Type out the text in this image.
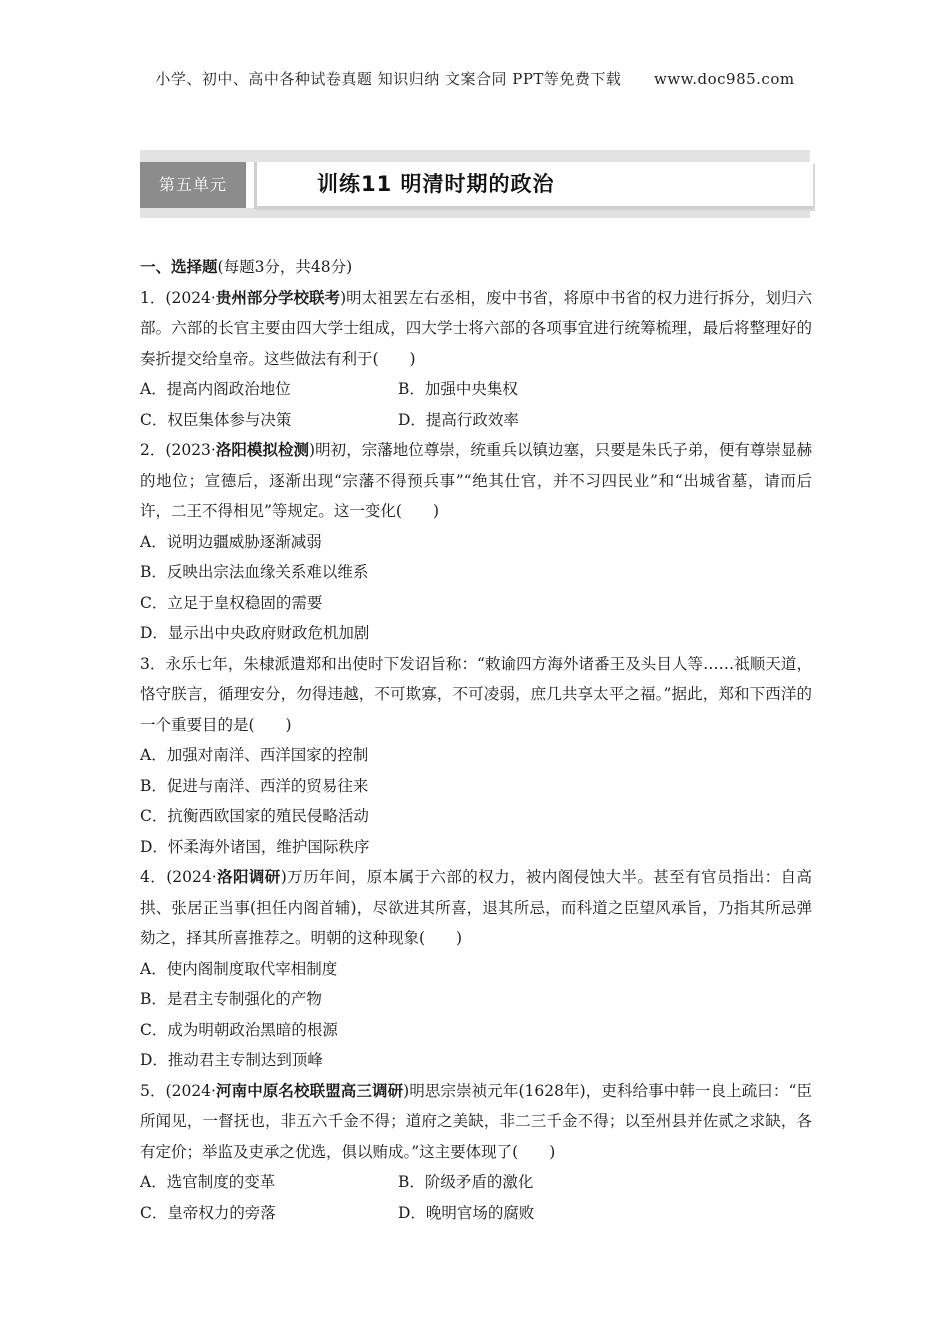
小学、初中、高中各种试卷真题 知识归纳 文案合同 PPT等免费下载 www.doc985.com
第五单元	训练11 明清时期的政治

一、选择题(每题3分，共48分)

1．(2024·贵州部分学校联考)明太祖罢左右丞相，废中书省，将原中书省的权力进行拆分，划归六部。六部的长官主要由四大学士组成，四大学士将六部的各项事宜进行统筹梳理，最后将整理好的奏折提交给皇帝。这些做法有利于(　　)

A．提高内阁政治地位	B．加强中央集权

C．权臣集体参与决策	D．提高行政效率

2．(2023·洛阳模拟检测)明初，宗藩地位尊崇，统重兵以镇边塞，只要是朱氏子弟，便有尊崇显赫的地位；宣德后，逐渐出现“宗藩不得预兵事”“绝其仕官，并不习四民业”和“出城省墓，请而后许，二王不得相见”等规定。这一变化(　　)

A．说明边疆威胁逐渐减弱

B．反映出宗法血缘关系难以维系

C．立足于皇权稳固的需要

D．显示出中央政府财政危机加剧

3．永乐七年，朱棣派遣郑和出使时下发诏旨称：“敕谕四方海外诸番王及头目人等……祗顺天道，恪守朕言，循理安分，勿得违越，不可欺寡，不可凌弱，庶几共享太平之福。”据此，郑和下西洋的一个重要目的是(　　)

A．加强对南洋、西洋国家的控制

B．促进与南洋、西洋的贸易往来

C．抗衡西欧国家的殖民侵略活动

D．怀柔海外诸国，维护国际秩序

4．(2024·洛阳调研)万历年间，原本属于六部的权力，被内阁侵蚀大半。甚至有官员指出：自高拱、张居正当事(担任内阁首辅)，尽欲进其所喜，退其所忌，而科道之臣望风承旨，乃指其所忌弹劾之，择其所喜推荐之。明朝的这种现象(　　)

A．使内阁制度取代宰相制度

B．是君主专制强化的产物

C．成为明朝政治黑暗的根源

D．推动君主专制达到顶峰

5．(2024·河南中原名校联盟高三调研)明思宗崇祯元年(1628年)，吏科给事中韩一良上疏曰：“臣所闻见，一督抚也，非五六千金不得；道府之美缺，非二三千金不得；以至州县并佐贰之求缺，各有定价；举监及吏承之优选，俱以贿成。”这主要体现了(　　)

A．选官制度的变革	B．阶级矛盾的激化

C．皇帝权力的旁落	D．晚明官场的腐败
